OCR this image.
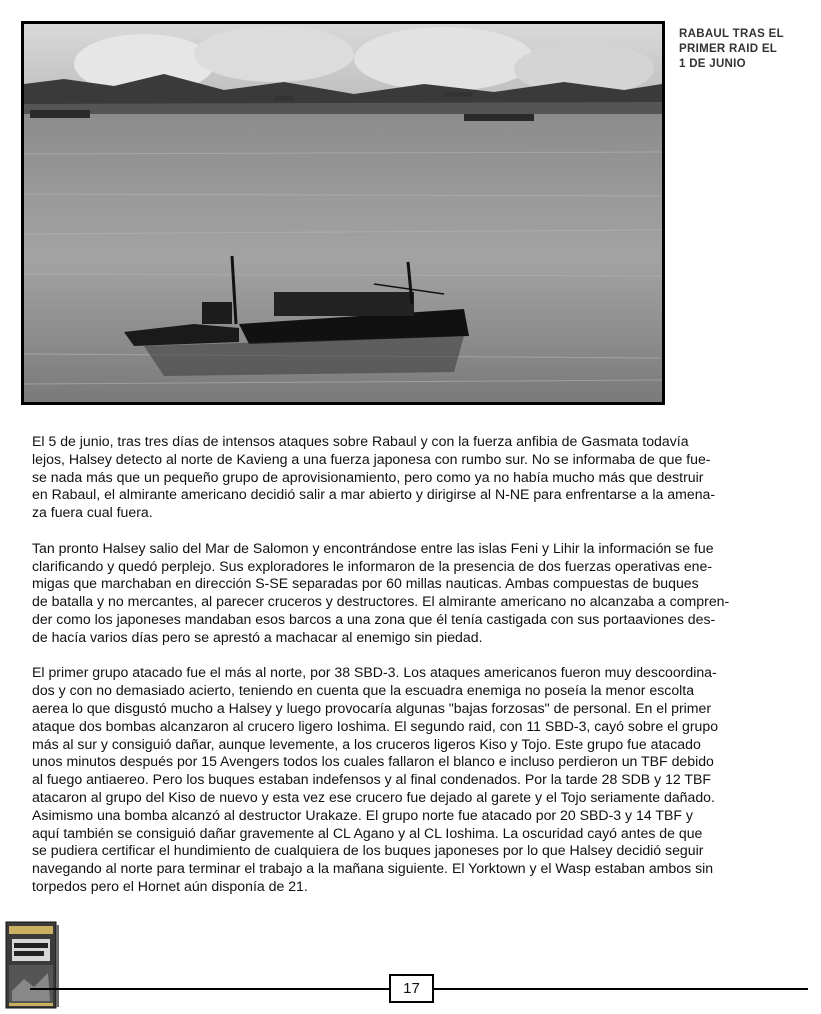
RABAUL TRAS EL
PRIMER RAID EL
1 DE JUNIO
El 5 de junio, tras tres días de intensos ataques sobre Rabaul y con la fuerza anfibia de Gasmata todavía
lejos, Halsey detecto al norte de Kavieng a una fuerza japonesa con rumbo sur. No se informaba de que fue-
se nada más que un pequeño grupo de aprovisionamiento, pero como ya no había mucho más que destruir
en Rabaul, el almirante americano decidió salir a mar abierto y dirigirse al N-NE para enfrentarse a la amena-
za fuera cual fuera.
Tan pronto Halsey salio del Mar de Salomon y encontrándose entre las islas Feni y Lihir la información se fue
clarificando y quedó perplejo. Sus exploradores le informaron de la presencia de dos fuerzas operativas ene-
migas que marchaban en dirección S-SE separadas por 60 millas nauticas. Ambas compuestas de buques
de batalla y no mercantes, al parecer cruceros y destructores. El almirante americano no alcanzaba a compren-
der como los japoneses mandaban esos barcos a una zona que él tenía castigada con sus portaaviones des-
de hacía varios días pero se aprestó a machacar al enemigo sin piedad.
El primer grupo atacado fue el más al norte, por 38 SBD-3. Los ataques americanos fueron muy descoordina-
dos y con no demasiado acierto, teniendo en cuenta que la escuadra enemiga no poseía la menor escolta
aerea lo que disgustó mucho a Halsey y luego provocaría algunas "bajas forzosas" de personal. En el primer
ataque dos bombas alcanzaron al crucero ligero Ioshima. El segundo raid, con 11 SBD-3, cayó sobre el grupo
más al sur y consiguió dañar, aunque levemente, a los cruceros ligeros Kiso y Tojo. Este grupo fue atacado
unos minutos después por 15 Avengers todos los cuales fallaron el blanco e incluso perdieron un TBF debido
al fuego antiaereo. Pero los buques estaban indefensos y al final condenados. Por la tarde 28 SDB y 12 TBF
atacaron al grupo del Kiso de nuevo y esta vez ese crucero fue dejado al garete y el Tojo seriamente dañado.
Asimismo una bomba alcanzó al destructor Urakaze. El grupo norte fue atacado por 20 SBD-3 y 14 TBF y
aquí también se consiguió dañar gravemente al CL Agano y al CL Ioshima. La oscuridad cayó antes de que
se pudiera certificar el hundimiento de cualquiera de los buques japoneses por lo que Halsey decidió seguir
navegando al norte para terminar el trabajo a la mañana siguiente. El Yorktown y el Wasp estaban ambos sin
torpedos pero el Hornet aún disponía de 21.
17
